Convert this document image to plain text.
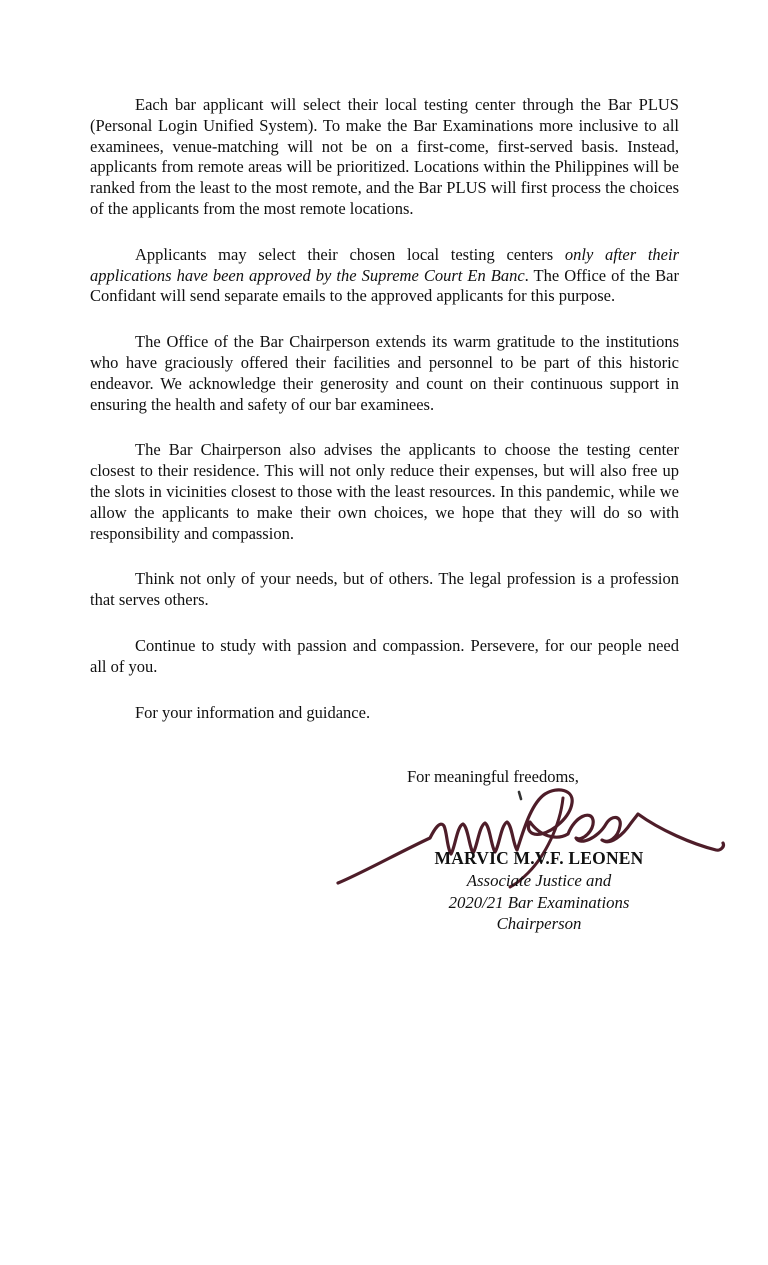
Each bar applicant will select their local testing center through the Bar PLUS (Personal Login Unified System). To make the Bar Examinations more inclusive to all examinees, venue-matching will not be on a first-come, first-served basis. Instead, applicants from remote areas will be prioritized. Locations within the Philippines will be ranked from the least to the most remote, and the Bar PLUS will first process the choices of the applicants from the most remote locations.

Applicants may select their chosen local testing centers only after their applications have been approved by the Supreme Court En Banc. The Office of the Bar Confidant will send separate emails to the approved applicants for this purpose.

The Office of the Bar Chairperson extends its warm gratitude to the institutions who have graciously offered their facilities and personnel to be part of this historic endeavor. We acknowledge their generosity and count on their continuous support in ensuring the health and safety of our bar examinees.

The Bar Chairperson also advises the applicants to choose the testing center closest to their residence. This will not only reduce their expenses, but will also free up the slots in vicinities closest to those with the least resources. In this pandemic, while we allow the applicants to make their own choices, we hope that they will do so with responsibility and compassion.

Think not only of your needs, but of others. The legal profession is a profession that serves others.

Continue to study with passion and compassion. Persevere, for our people need all of you.

For your information and guidance.

For meaningful freedoms,
MARVIC M.V.F. LEONEN
Associate Justice and
2020/21 Bar Examinations
Chairperson
